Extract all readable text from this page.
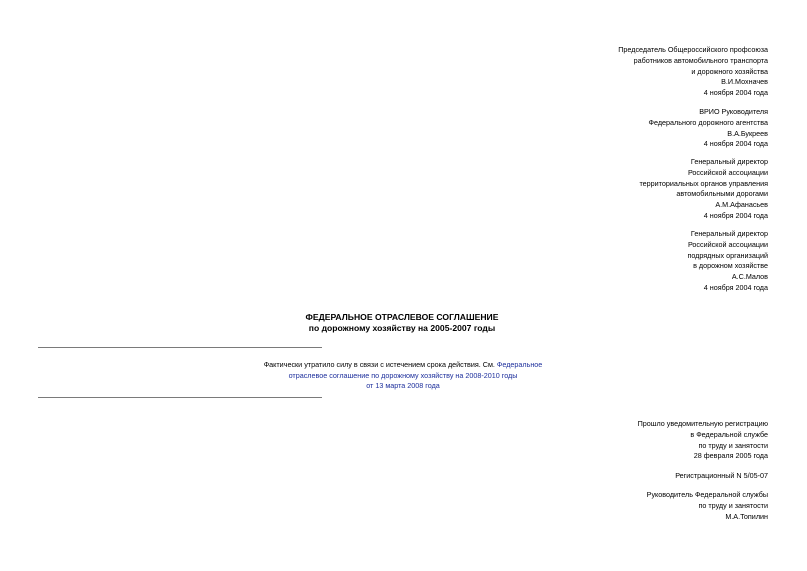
Председатель Общероссийского профсоюза
работников автомобильного транспорта
и дорожного хозяйства
В.И.Мохначев
4 ноября 2004 года
ВРИО Руководителя
Федерального дорожного агентства
В.А.Букреев
4 ноября 2004 года
Генеральный директор
Российской ассоциации
территориальных органов управления
автомобильными дорогами
А.М.Афанасьев
4 ноября 2004 года
Генеральный директор
Российской ассоциации
подрядных организаций
в дорожном хозяйстве
А.С.Малов
4 ноября 2004 года
ФЕДЕРАЛЬНОЕ ОТРАСЛЕВОЕ СОГЛАШЕНИЕ
по дорожному хозяйству на 2005-2007 годы
Фактически утратило силу в связи с истечением срока действия. См. Федеральное
отраслевое соглашение по дорожному хозяйству на 2008-2010 годы
от 13 марта 2008 года
Прошло уведомительную регистрацию
в Федеральной службе
по труду и занятости
28 февраля 2005 года
Регистрационный N 5/05-07
Руководитель Федеральной службы
по труду и занятости
М.А.Топилин
